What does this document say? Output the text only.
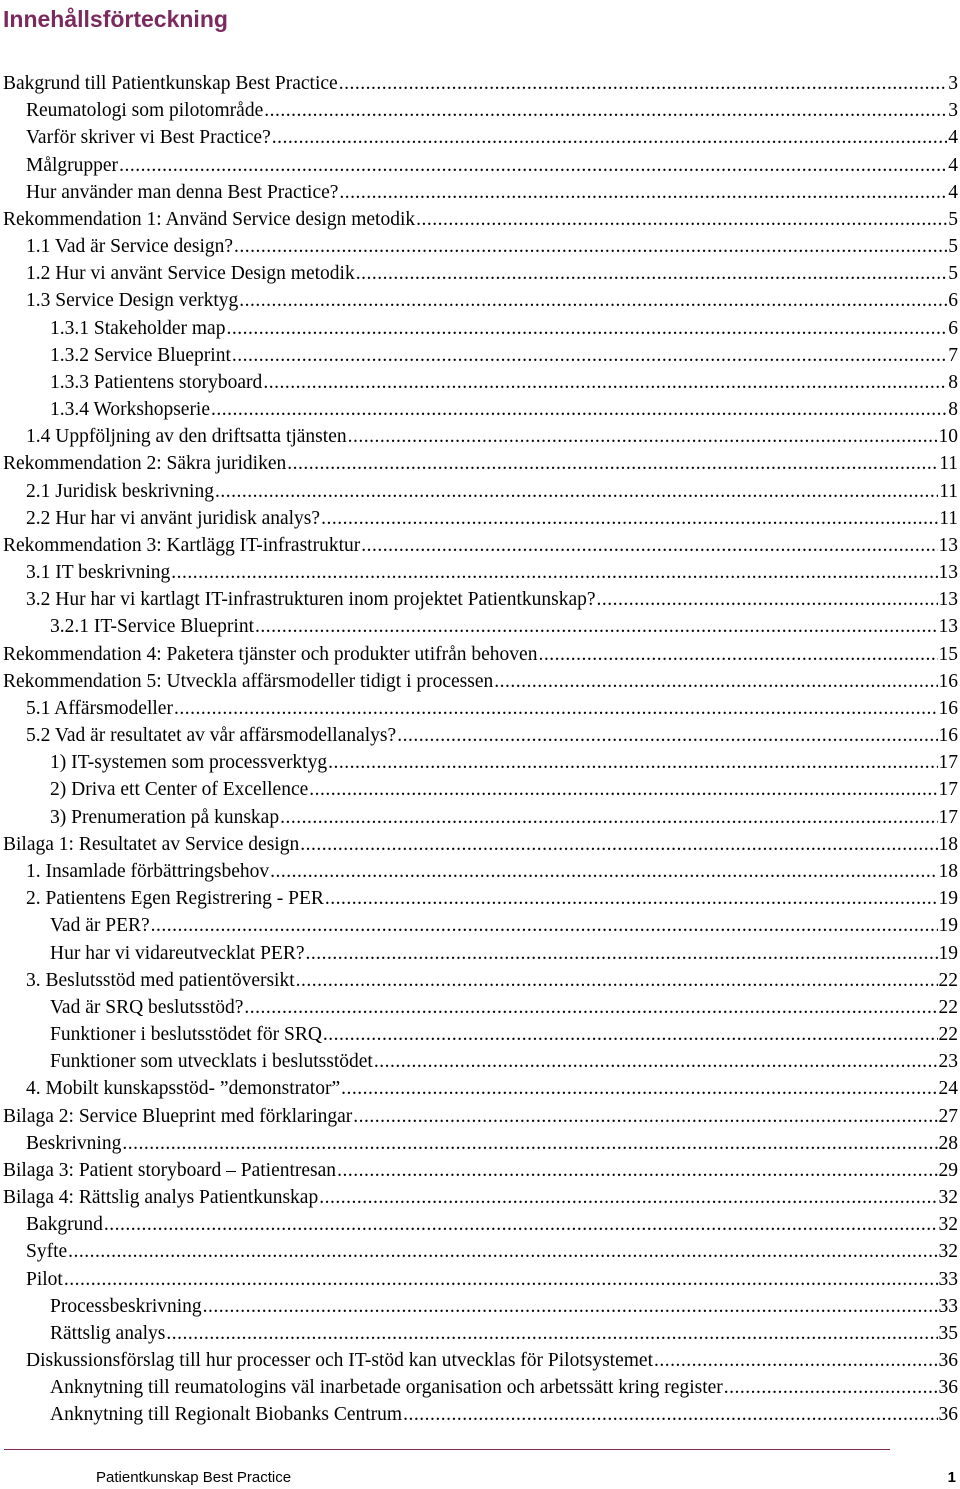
Innehållsförteckning
Bakgrund till Patientkunskap Best Practice .....	3
Reumatologi som pilotområde .....	3
Varför skriver vi Best Practice? .....	4
Målgrupper .....	4
Hur använder man denna Best Practice? .....	4
Rekommendation 1: Använd Service design metodik .....	5
1.1 Vad är Service design? .....	5
1.2 Hur vi använt Service Design metodik .....	5
1.3 Service Design verktyg .....	6
1.3.1 Stakeholder map .....	6
1.3.2 Service Blueprint .....	7
1.3.3 Patientens storyboard .....	8
1.3.4 Workshopserie .....	8
1.4 Uppföljning av den driftsatta tjänsten .....	10
Rekommendation 2: Säkra juridiken .....	11
2.1 Juridisk beskrivning .....	11
2.2 Hur har vi använt juridisk analys? .....	11
Rekommendation 3: Kartlägg IT-infrastruktur .....	13
3.1 IT beskrivning .....	13
3.2 Hur har vi kartlagt IT-infrastrukturen inom projektet Patientkunskap? .....	13
3.2.1 IT-Service Blueprint .....	13
Rekommendation 4: Paketera tjänster och produkter utifrån behoven .....	15
Rekommendation 5: Utveckla affärsmodeller tidigt i processen .....	16
5.1 Affärsmodeller .....	16
5.2 Vad är resultatet av vår affärsmodellanalys? .....	16
1) IT-systemen som processverktyg .....	17
2) Driva ett Center of Excellence .....	17
3) Prenumeration på kunskap .....	17
Bilaga 1: Resultatet av Service design .....	18
1. Insamlade förbättringsbehov .....	18
2. Patientens Egen Registrering - PER .....	19
Vad är PER? .....	19
Hur har vi vidareutvecklat PER? .....	19
3. Beslutsstöd med patientöversikt .....	22
Vad är SRQ beslutsstöd? .....	22
Funktioner i beslutsstödet för SRQ .....	22
Funktioner som utvecklats i beslutsstödet .....	23
4. Mobilt kunskapsstöd- ”demonstrator” .....	24
Bilaga 2: Service Blueprint med förklaringar .....	27
Beskrivning .....	28
Bilaga 3: Patient storyboard – Patientresan .....	29
Bilaga 4: Rättslig analys Patientkunskap .....	32
Bakgrund .....	32
Syfte .....	32
Pilot .....	33
Processbeskrivning .....	33
Rättslig analys .....	35
Diskussionsförslag till hur processer och IT-stöd kan utvecklas för Pilotsystemet .....	36
Anknytning till reumatologins väl inarbetade organisation och arbetssätt kring register .....	36
Anknytning till Regionalt Biobanks Centrum .....	36
Patientkunskap Best Practice	1
